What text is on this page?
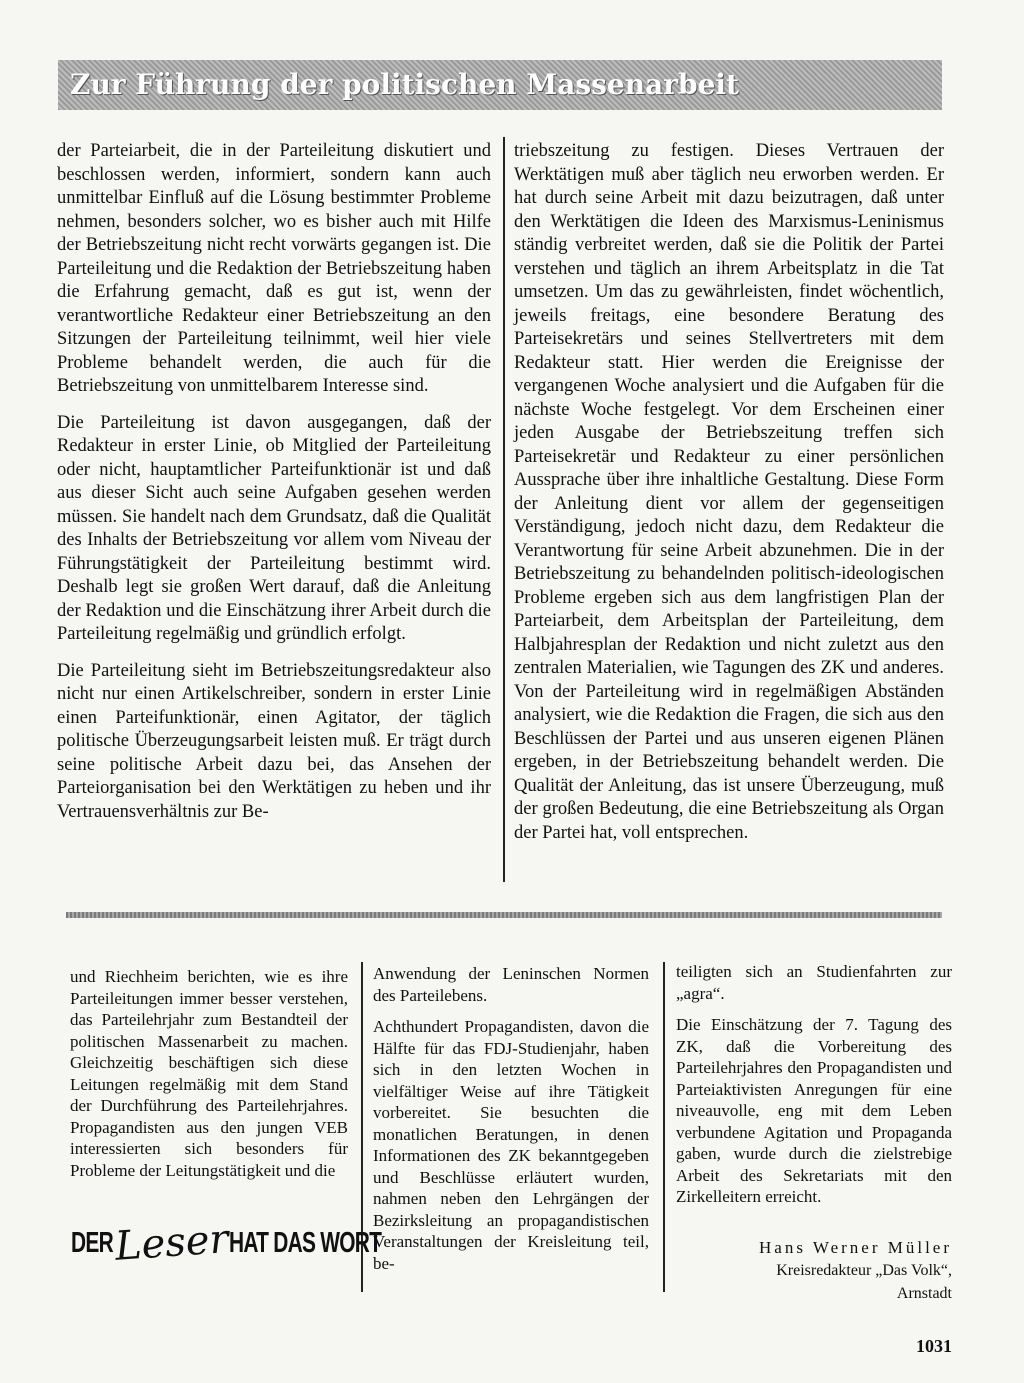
Zur Führung der politischen Massenarbeit

der Parteiarbeit, die in der Parteileitung diskutiert und beschlossen werden, informiert, sondern kann auch unmittelbar Einfluß auf die Lösung bestimmter Probleme nehmen, besonders solcher, wo es bisher auch mit Hilfe der Betriebszeitung nicht recht vorwärts gegangen ist. Die Parteileitung und die Redaktion der Betriebszeitung haben die Erfahrung gemacht, daß es gut ist, wenn der verantwortliche Redakteur einer Betriebszeitung an den Sitzungen der Parteileitung teilnimmt, weil hier viele Probleme behandelt werden, die auch für die Betriebszeitung von unmittelbarem Interesse sind.

Die Parteileitung ist davon ausgegangen, daß der Redakteur in erster Linie, ob Mitglied der Parteileitung oder nicht, hauptamtlicher Parteifunktionär ist und daß aus dieser Sicht auch seine Aufgaben gesehen werden müssen. Sie handelt nach dem Grundsatz, daß die Qualität des Inhalts der Betriebszeitung vor allem vom Niveau der Führungstätigkeit der Parteileitung bestimmt wird. Deshalb legt sie großen Wert darauf, daß die Anleitung der Redaktion und die Einschätzung ihrer Arbeit durch die Parteileitung regelmäßig und gründlich erfolgt.

Die Parteileitung sieht im Betriebszeitungsredakteur also nicht nur einen Artikelschreiber, sondern in erster Linie einen Parteifunktionär, einen Agitator, der täglich politische Überzeugungsarbeit leisten muß. Er trägt durch seine politische Arbeit dazu bei, das Ansehen der Parteiorganisation bei den Werktätigen zu heben und ihr Vertrauensverhältnis zur Be-

triebszeitung zu festigen. Dieses Vertrauen der Werktätigen muß aber täglich neu erworben werden. Er hat durch seine Arbeit mit dazu beizutragen, daß unter den Werktätigen die Ideen des Marxismus-Leninismus ständig verbreitet werden, daß sie die Politik der Partei verstehen und täglich an ihrem Arbeitsplatz in die Tat umsetzen. Um das zu gewährleisten, findet wöchentlich, jeweils freitags, eine besondere Beratung des Parteisekretärs und seines Stellvertreters mit dem Redakteur statt. Hier werden die Ereignisse der vergangenen Woche analysiert und die Aufgaben für die nächste Woche festgelegt. Vor dem Erscheinen einer jeden Ausgabe der Betriebszeitung treffen sich Parteisekretär und Redakteur zu einer persönlichen Aussprache über ihre inhaltliche Gestaltung. Diese Form der Anleitung dient vor allem der gegenseitigen Verständigung, jedoch nicht dazu, dem Redakteur die Verantwortung für seine Arbeit abzunehmen. Die in der Betriebszeitung zu behandelnden politisch-ideologischen Probleme ergeben sich aus dem langfristigen Plan der Parteiarbeit, dem Arbeitsplan der Parteileitung, dem Halbjahresplan der Redaktion und nicht zuletzt aus den zentralen Materialien, wie Tagungen des ZK und anderes. Von der Parteileitung wird in regelmäßigen Abständen analysiert, wie die Redaktion die Fragen, die sich aus den Beschlüssen der Partei und aus unseren eigenen Plänen ergeben, in der Betriebszeitung behandelt werden. Die Qualität der Anleitung, das ist unsere Überzeugung, muß der großen Bedeutung, die eine Betriebszeitung als Organ der Partei hat, voll entsprechen.

und Riechheim berichten, wie es ihre Parteileitungen immer besser verstehen, das Parteilehrjahr zum Bestandteil der politischen Massenarbeit zu machen. Gleichzeitig beschäftigen sich diese Leitungen regelmäßig mit dem Stand der Durchführung des Parteilehrjahres. Propagandisten aus den jungen VEB interessierten sich besonders für Probleme der Leitungstätigkeit und die

Anwendung der Leninschen Normen des Parteilebens.

Achthundert Propagandisten, davon die Hälfte für das FDJ-Studienjahr, haben sich in den letzten Wochen in vielfältiger Weise auf ihre Tätigkeit vorbereitet. Sie besuchten die monatlichen Beratungen, in denen Informationen des ZK bekanntgegeben und Beschlüsse erläutert wurden, nahmen neben den Lehrgängen der Bezirksleitung an propagandistischen Veranstaltungen der Kreisleitung teil, be-

teiligten sich an Studienfahrten zur „agra“.

Die Einschätzung der 7. Tagung des ZK, daß die Vorbereitung des Parteilehrjahres den Propagandisten und Parteiaktivisten Anregungen für eine niveauvolle, eng mit dem Leben verbundene Agitation und Propaganda gaben, wurde durch die zielstrebige Arbeit des Sekretariats mit den Zirkelleitern erreicht.

DER Leser
HAT DAS WORT	Hans Werner Müller
Kreisredakteur „Das Volk“,
Arnstadt
1031
